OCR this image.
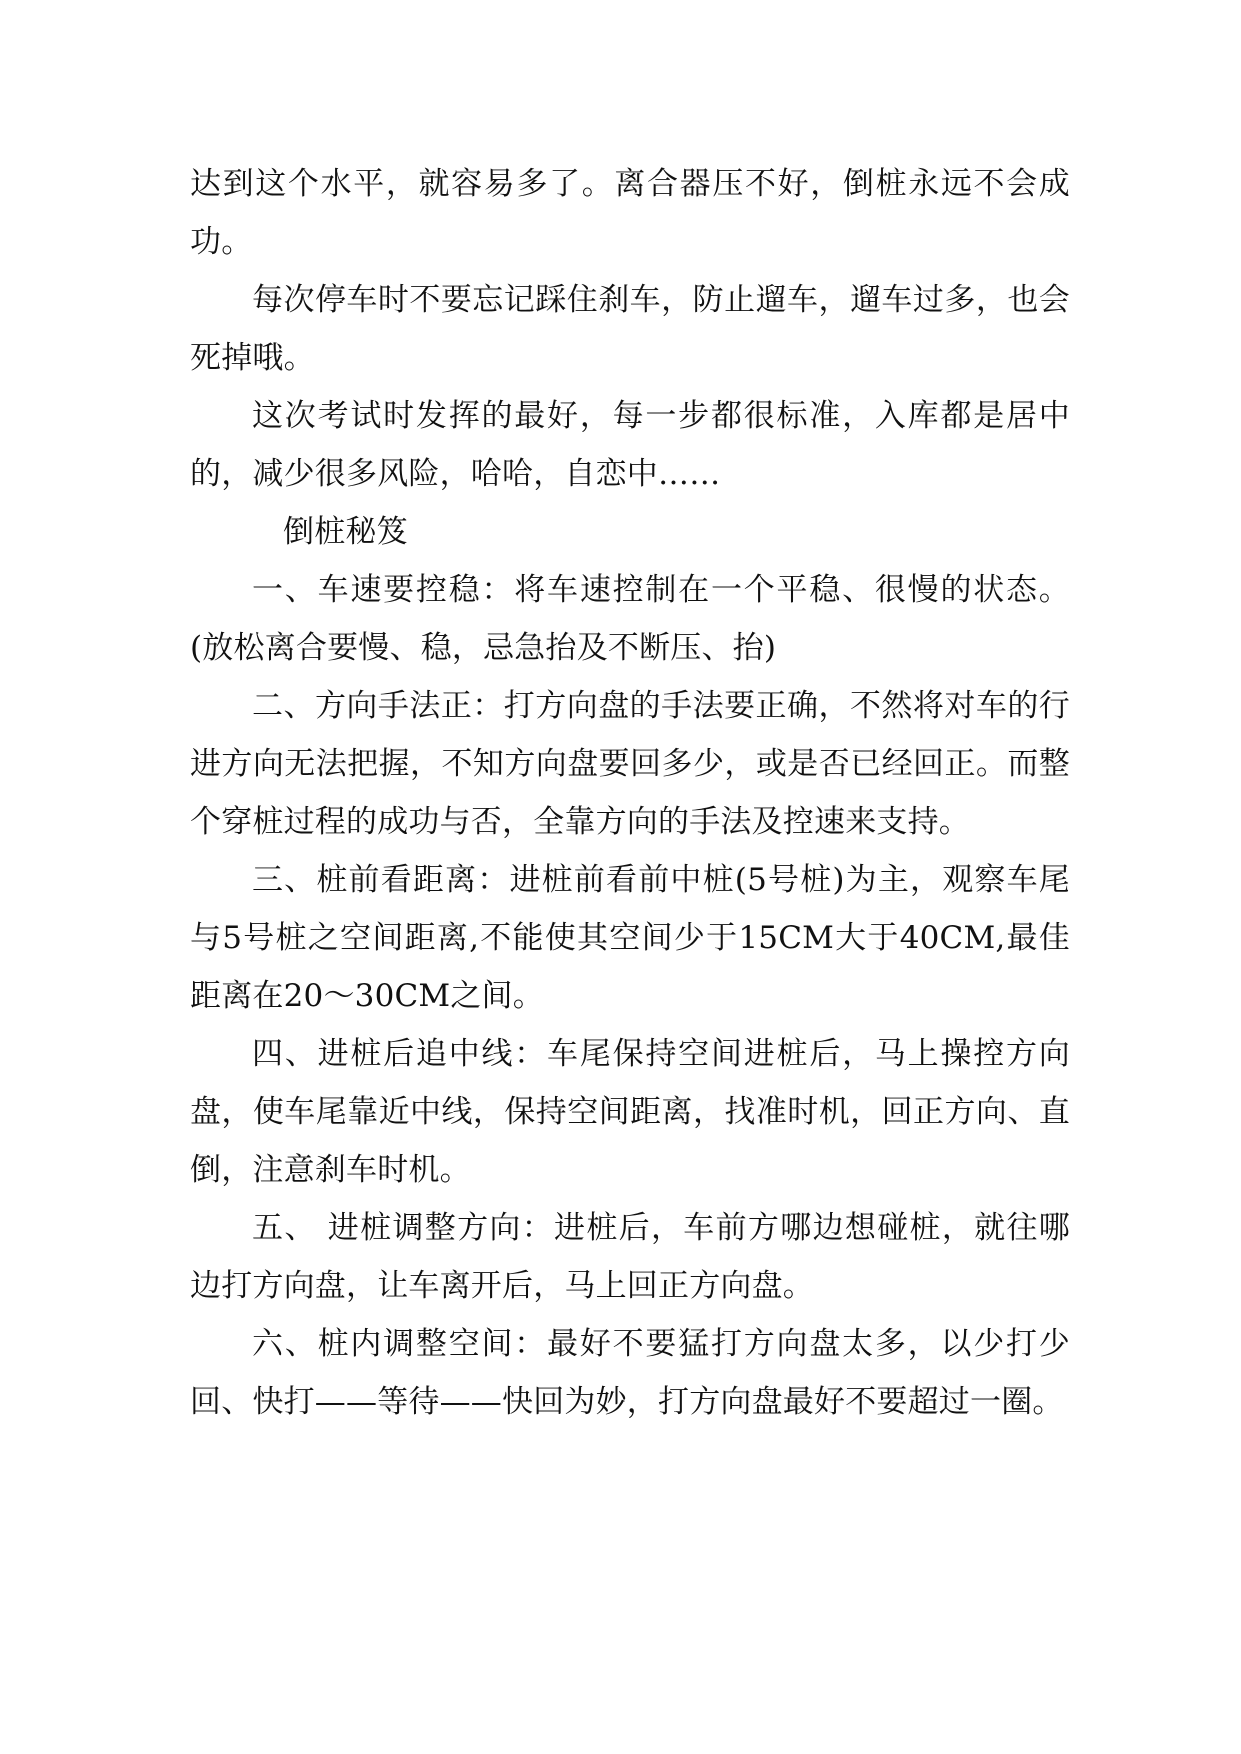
达到这个水平，就容易多了。离合器压不好，倒桩永远不会成功。

每次停车时不要忘记踩住刹车，防止遛车，遛车过多，也会死掉哦。

这次考试时发挥的最好，每一步都很标准，入库都是居中的，减少很多风险，哈哈，自恋中……

倒桩秘笈

一、车速要控稳：将车速控制在一个平稳、很慢的状态。(放松离合要慢、稳，忌急抬及不断压、抬)

二、方向手法正：打方向盘的手法要正确，不然将对车的行进方向无法把握，不知方向盘要回多少，或是否已经回正。而整个穿桩过程的成功与否，全靠方向的手法及控速来支持。

三、桩前看距离：进桩前看前中桩(5号桩)为主，观察车尾与5号桩之空间距离,不能使其空间少于15CM大于40CM,最佳距离在20～30CM之间。

四、进桩后追中线：车尾保持空间进桩后，马上操控方向盘，使车尾靠近中线，保持空间距离，找准时机，回正方向、直倒，注意刹车时机。

五、 进桩调整方向：进桩后，车前方哪边想碰桩，就往哪边打方向盘，让车离开后，马上回正方向盘。

六、桩内调整空间：最好不要猛打方向盘太多，以少打少回、快打——等待——快回为妙，打方向盘最好不要超过一圈。
